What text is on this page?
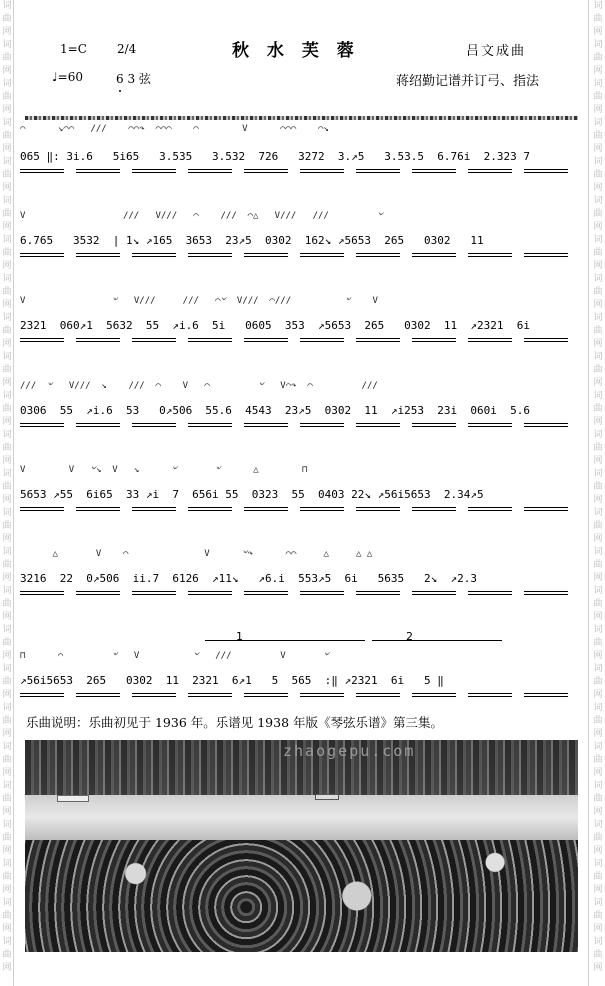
词
曲
网
词
曲
网
词
曲
网
词
曲
网
词
曲
网
词
曲
网
词
曲
网
词
曲
网
词
曲
网
词
曲
网
词
曲
网
词
曲
网
词
曲
网
词
曲
网
词
曲
网
词
曲
网
词
曲
网
词
曲
网
词
曲
网
词
曲
网
词
曲
网
词
曲
网
词
曲
网
词
曲
网
词
曲
网
词
曲
网
词
曲
网
词
曲
网
词
曲
网
词
曲
网
词
曲
网
词
曲
网
词
曲
网
词
曲
网
词
曲
网
词
曲
网
词
曲
网
词
曲
网
词
曲
网
词
曲
网
词
曲
网
词
曲
网
词
曲
网
词
曲
网
词
曲
网
词
曲
网
词
曲
网
词
曲
网
词
曲
网
词
曲
网
秋 水 芙 蓉	吕文成曲
1=C	2/4
♩=60	6 3 弦	蒋绍勤记谱并订弓、指法
⌒      ↘⌒⌒   ///    ⌒⌒↷  ⌒⌒⌒    ⌒        V      ⌒⌒⌒    ⌒↘
065 ‖: 3i.6   5i65   3.535   3.532  726   3272  3.↗5   3.53.5  6.76i  2.323 7
V                  ///   V///   ⌒    ///  ⌒△   V///   ///         ৺
6.765   3532  | 1↘ ↗165  3653  23↗5  0302  162↘ ↗5653  265   0302   11
V                ৺   V///     ///   ⌒৺  V///  ⌒///          ৺    V
2321  060↗1  5632  55  ↗i.6  5i   0605  353  ↗5653  265   0302  11  ↗2321  6i
///  ৺   V///  ↘    ///  ⌒    V   ⌒         ৺   V⌒↷  ⌒         ///
0306  55  ↗i.6  53   0↗506  55.6  4543  23↗5  0302  11  ↗i253  23i  060i  5.6
V        V   ৺↘  V   ↘      ৺       ৺      △        ⊓
5653 ↗55  6i65  33 ↗i  7  656i 55  0323  55  0403 22↘ ↗56i5653  2.34↗5
△       V    ⌒              V      ৺↷      ⌒⌒     △     △ △
3216  22  0↗506  ii.7  6126  ↗11↘   ↗6.i  553↗5  6i   5635   2↘  ↗2.3
1	2
⊓      ⌒         ৺   V          ৺   ///         V       ৺
↗56i5653  265   0302  11  2321  6↗1   5  565  :‖ ↗2321  6i   5 ‖
乐曲说明：乐曲初见于 1936 年。乐谱见 1938 年版《琴弦乐谱》第三集。
zhaogepu.com
